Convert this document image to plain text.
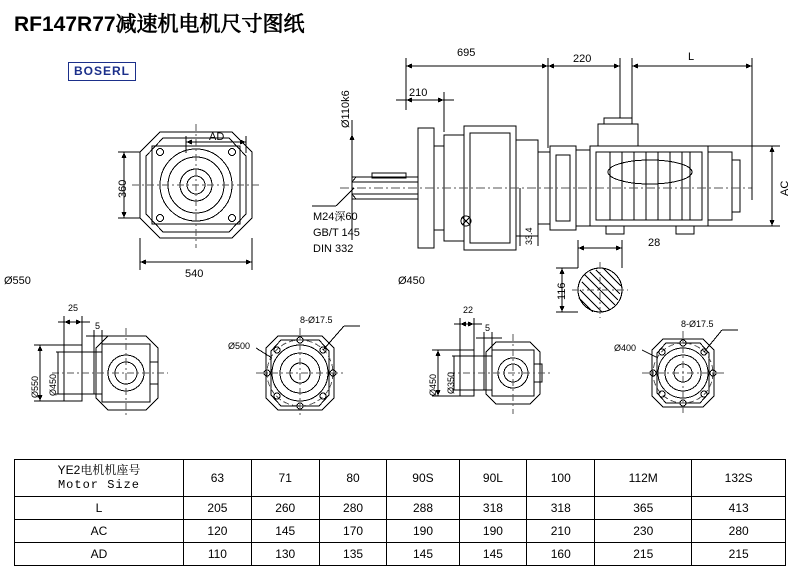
RF147R77减速机电机尺寸图纸
BOSERL
695	220	L
210
Ø110k6
360
540
AD
AC
33.4	28
116
M24深60
GB/T 145
DIN 332
Ø550	Ø450
25
5
22
5
Ø550 Ø450	Ø450 Ø350
Ø500	Ø400
8-Ø17.5	8-Ø17.5
YE2电机机座号
Motor Size	63	71	80	90S	90L	100	112M	132S
L	205	260	280	288	318	318	365	413
AC	120	145	170	190	190	210	230	280
AD	110	130	135	145	145	160	215	215
